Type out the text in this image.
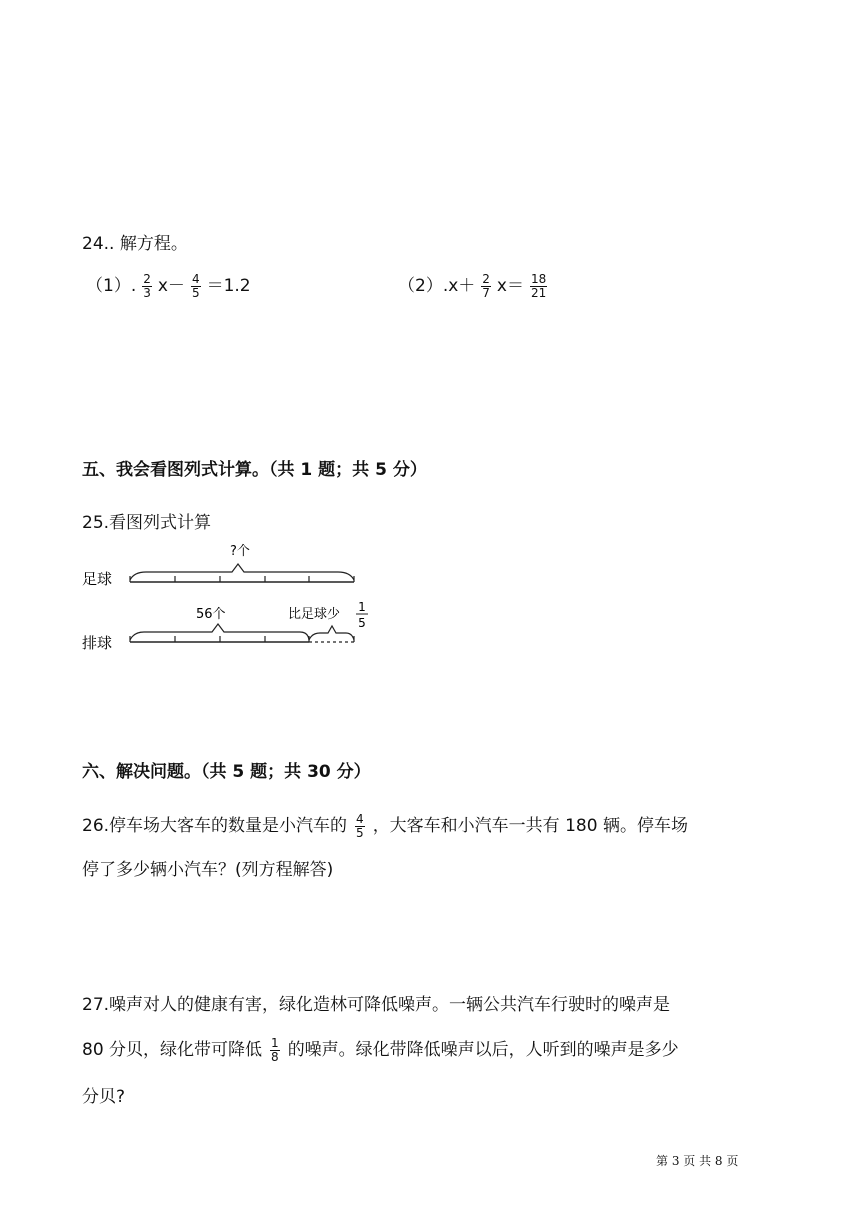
24.. 解方程。
（1）. $\frac{2}{3} x- \frac{4}{5} =1.2$	$(2).x+ \frac{2}{7} x= \frac{18}{21}$
五、我会看图列式计算。（共 1 题；共 5 分）
25.看图列式计算
足球
?个
排球
56个	比足球少 1
5
六、解决问题。（共 5 题；共 30 分）
26.停车场大客车的数量是小汽车的 $\frac{4}{5}$ ，大客车和小汽车一共有 180 辆。停车场
停了多少辆小汽车？(列方程解答)
27.噪声对人的健康有害，绿化造林可降低噪声。一辆公共汽车行驶时的噪声是
80 分贝，绿化带可降低 $\frac{1}{8}$ 的噪声。绿化带降低噪声以后，人听到的噪声是多少
分贝?
第 3 页 共 8 页
